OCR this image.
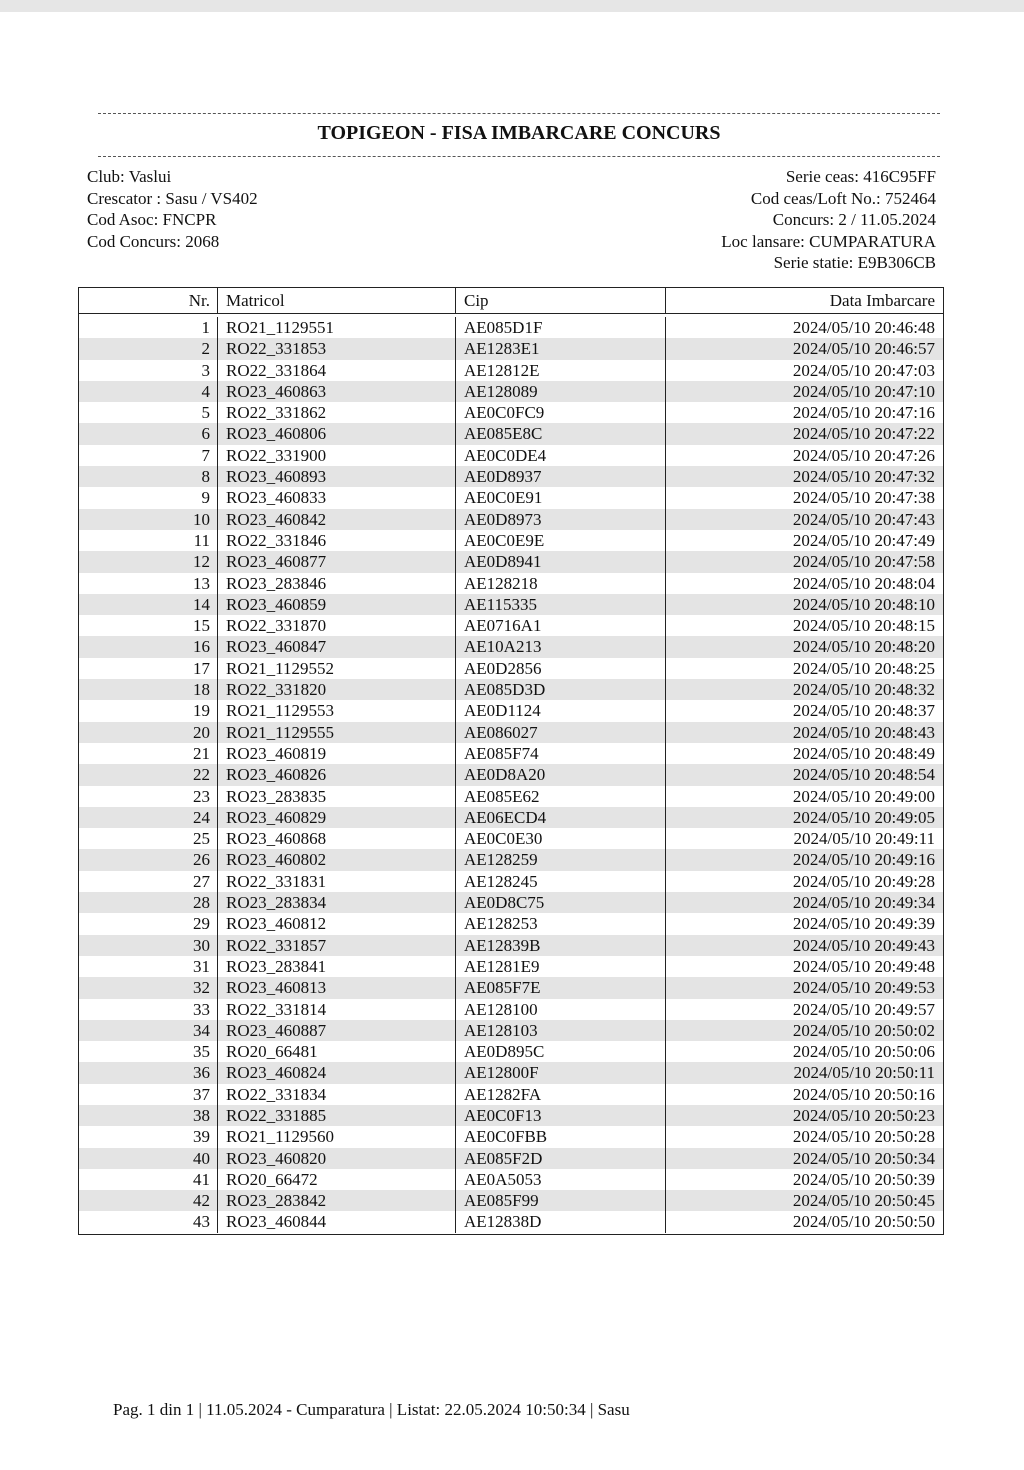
TOPIGEON - FISA IMBARCARE CONCURS
Club: Vaslui
Crescator : Sasu / VS402
Cod Asoc: FNCPR
Cod Concurs: 2068
Serie ceas: 416C95FF
Cod ceas/Loft No.: 752464
Concurs: 2 / 11.05.2024
Loc lansare: CUMPARATURA
Serie statie: E9B306CB
Nr. Matricol	Cip	Data Imbarcare
1 RO21_1129551	AE085D1F	2024/05/10 20:46:48
2 RO22_331853	AE1283E1	2024/05/10 20:46:57
3 RO22_331864	AE12812E	2024/05/10 20:47:03
4 RO23_460863	AE128089	2024/05/10 20:47:10
5 RO22_331862	AE0C0FC9	2024/05/10 20:47:16
6 RO23_460806	AE085E8C	2024/05/10 20:47:22
7 RO22_331900	AE0C0DE4	2024/05/10 20:47:26
8 RO23_460893	AE0D8937	2024/05/10 20:47:32
9 RO23_460833	AE0C0E91	2024/05/10 20:47:38
10 RO23_460842	AE0D8973	2024/05/10 20:47:43
11 RO22_331846	AE0C0E9E	2024/05/10 20:47:49
12 RO23_460877	AE0D8941	2024/05/10 20:47:58
13 RO23_283846	AE128218	2024/05/10 20:48:04
14 RO23_460859	AE115335	2024/05/10 20:48:10
15 RO22_331870	AE0716A1	2024/05/10 20:48:15
16 RO23_460847	AE10A213	2024/05/10 20:48:20
17 RO21_1129552	AE0D2856	2024/05/10 20:48:25
18 RO22_331820	AE085D3D	2024/05/10 20:48:32
19 RO21_1129553	AE0D1124	2024/05/10 20:48:37
20 RO21_1129555	AE086027	2024/05/10 20:48:43
21 RO23_460819	AE085F74	2024/05/10 20:48:49
22 RO23_460826	AE0D8A20	2024/05/10 20:48:54
23 RO23_283835	AE085E62	2024/05/10 20:49:00
24 RO23_460829	AE06ECD4	2024/05/10 20:49:05
25 RO23_460868	AE0C0E30	2024/05/10 20:49:11
26 RO23_460802	AE128259	2024/05/10 20:49:16
27 RO22_331831	AE128245	2024/05/10 20:49:28
28 RO23_283834	AE0D8C75	2024/05/10 20:49:34
29 RO23_460812	AE128253	2024/05/10 20:49:39
30 RO22_331857	AE12839B	2024/05/10 20:49:43
31 RO23_283841	AE1281E9	2024/05/10 20:49:48
32 RO23_460813	AE085F7E	2024/05/10 20:49:53
33 RO22_331814	AE128100	2024/05/10 20:49:57
34 RO23_460887	AE128103	2024/05/10 20:50:02
35 RO20_66481	AE0D895C	2024/05/10 20:50:06
36 RO23_460824	AE12800F	2024/05/10 20:50:11
37 RO22_331834	AE1282FA	2024/05/10 20:50:16
38 RO22_331885	AE0C0F13	2024/05/10 20:50:23
39 RO21_1129560	AE0C0FBB	2024/05/10 20:50:28
40 RO23_460820	AE085F2D	2024/05/10 20:50:34
41 RO20_66472	AE0A5053	2024/05/10 20:50:39
42 RO23_283842	AE085F99	2024/05/10 20:50:45
43 RO23_460844	AE12838D	2024/05/10 20:50:50
Pag. 1 din 1 | 11.05.2024 - Cumparatura | Listat: 22.05.2024 10:50:34 | Sasu
